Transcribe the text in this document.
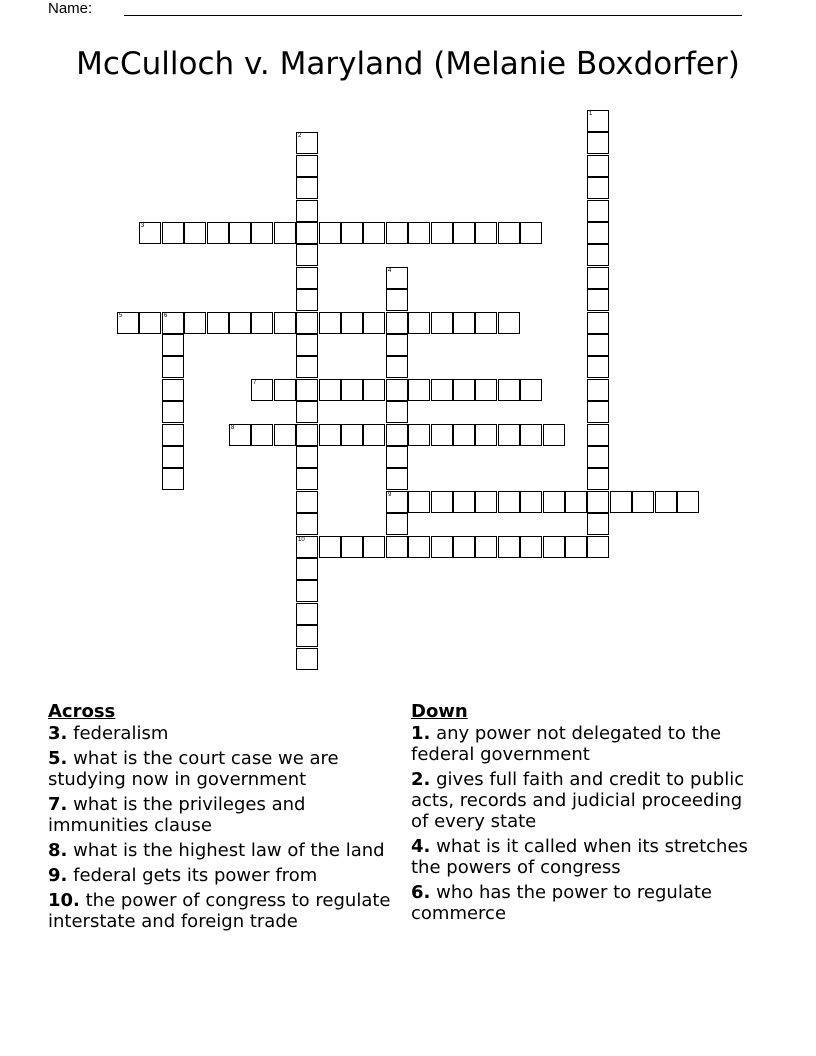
Name:
McCulloch v. Maryland (Melanie Boxdorfer)
1
2
10
3
4
9
5	6
7
8
Across
3. federalism
5. what is the court case we are studying now in government
7. what is the privileges and immunities clause
8. what is the highest law of the land
9. federal gets its power from
10. the power of congress to regulate interstate and foreign trade
Down
1. any power not delegated to the federal government
2. gives full faith and credit to public acts, records and judicial proceeding of every state
4. what is it called when its stretches the powers of congress
6. who has the power to regulate commerce
